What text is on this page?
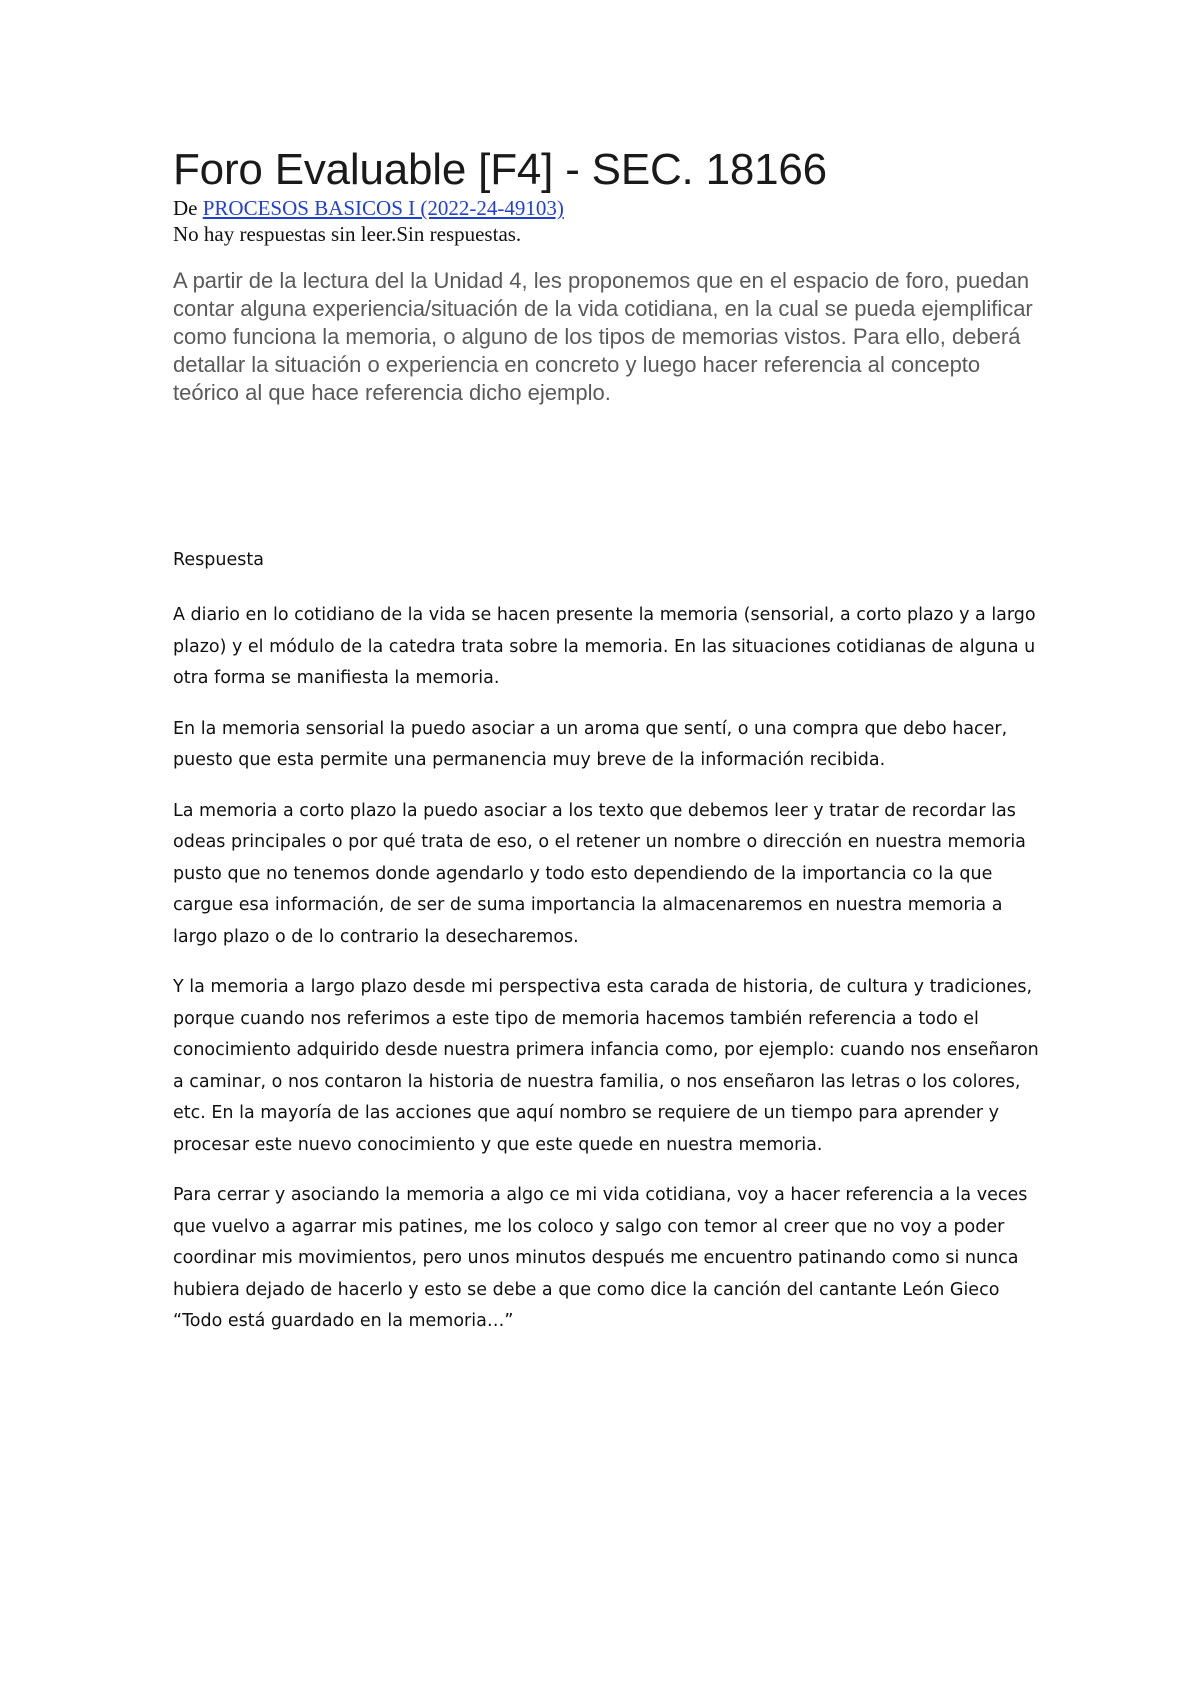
Foro Evaluable [F4] - SEC. 18166

De PROCESOS BASICOS I (2022-24-49103)

No hay respuestas sin leer.Sin respuestas.

A partir de la lectura del la Unidad 4, les proponemos que en el espacio de foro, puedan contar alguna experiencia/situación de la vida cotidiana, en la cual se pueda ejemplificar como funciona la memoria, o alguno de los tipos de memorias vistos. Para ello, deberá detallar la situación o experiencia en concreto y luego hacer referencia al concepto teórico al que hace referencia dicho ejemplo.

Respuesta

A diario en lo cotidiano de la vida se hacen presente la memoria (sensorial, a corto plazo y a largo plazo) y el módulo de la catedra trata sobre la memoria. En las situaciones cotidianas de alguna u otra forma se manifiesta la memoria.

En la memoria sensorial la puedo asociar a un aroma que sentí, o una compra que debo hacer, puesto que esta permite una permanencia muy breve de la información recibida.

La memoria a corto plazo la puedo asociar a los texto que debemos leer y tratar de recordar las odeas principales o por qué trata de eso, o el retener un nombre o dirección en nuestra memoria pusto que no tenemos donde agendarlo y todo esto dependiendo de la importancia co la que cargue esa información, de ser de suma importancia la almacenaremos en nuestra memoria a largo plazo o de lo contrario la desecharemos.

Y la memoria a largo plazo desde mi perspectiva esta carada de historia, de cultura y tradiciones, porque cuando nos referimos a este tipo de memoria hacemos también referencia a todo el conocimiento adquirido desde nuestra primera infancia como, por ejemplo: cuando nos enseñaron a caminar, o nos contaron la historia de nuestra familia, o nos enseñaron las letras o los colores, etc. En la mayoría de las acciones que aquí nombro se requiere de un tiempo para aprender y procesar este nuevo conocimiento y que este quede en nuestra memoria.

Para cerrar y asociando la memoria a algo ce mi vida cotidiana, voy a hacer referencia a la veces que vuelvo a agarrar mis patines, me los coloco y salgo con temor al creer que no voy a poder coordinar mis movimientos, pero unos minutos después me encuentro patinando como si nunca hubiera dejado de hacerlo y esto se debe a que como dice la canción del cantante León Gieco “Todo está guardado en la memoria…”
